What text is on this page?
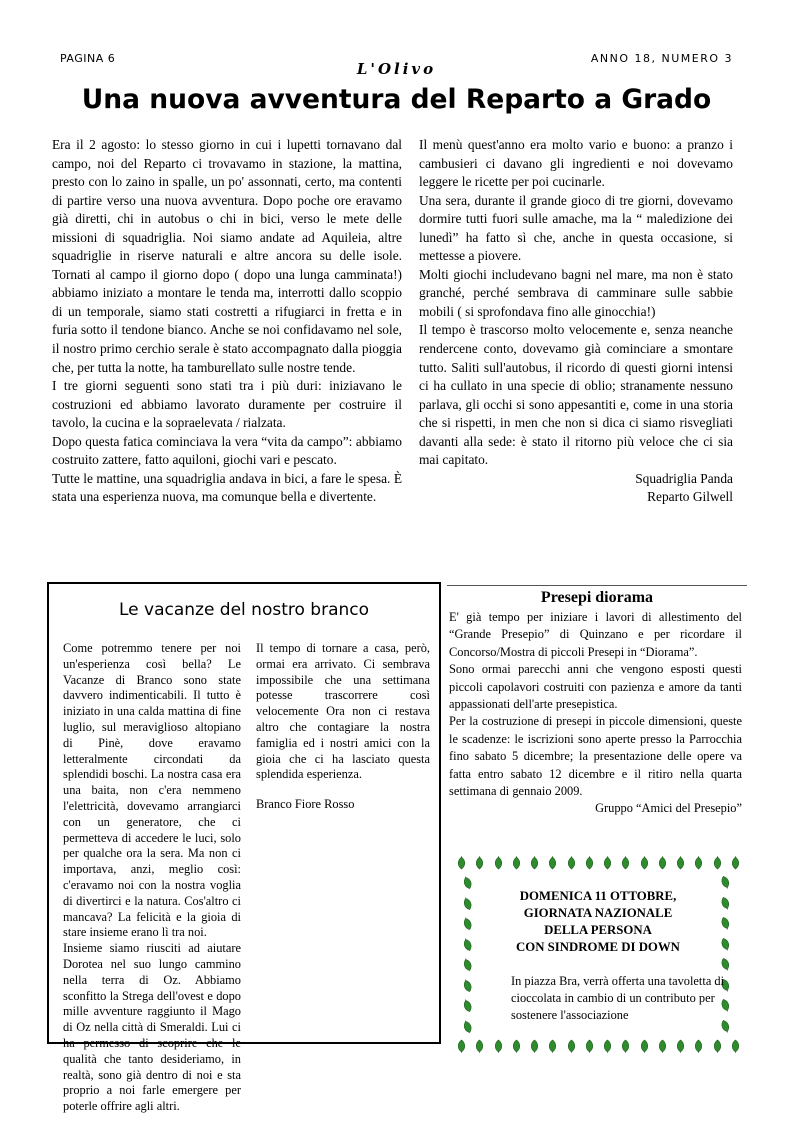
PAGINA 6
L'Olivo
ANNO 18, NUMERO 3
Una nuova avventura del Reparto a Grado

Era il 2 agosto: lo stesso giorno in cui i lupetti tornavano dal campo, noi del Reparto ci trovavamo in stazione, la mattina, presto con lo zaino in spalle, un po' assonnati, certo, ma contenti di partire verso una nuova avventura. Dopo poche ore eravamo già diretti, chi in autobus o chi in bici, verso le mete delle missioni di squadriglia. Noi siamo andate ad Aquileia, altre squadriglie in riserve naturali e altre ancora su delle isole. Tornati al campo il giorno dopo ( dopo una lunga camminata!) abbiamo iniziato a montare le tenda ma, interrotti dallo scoppio di un temporale, siamo stati costretti a rifugiarci in fretta e in furia sotto il tendone bianco. Anche se noi confidavamo nel sole, il nostro primo cerchio serale è stato accompagnato dalla pioggia che, per tutta la notte, ha tamburellato sulle nostre tende.

I tre giorni seguenti sono stati tra i più duri: iniziavano le costruzioni ed abbiamo lavorato duramente per costruire il tavolo, la cucina e la sopraelevata / rialzata.

Dopo questa fatica cominciava la vera “vita da campo”: abbiamo costruito zattere, fatto aquiloni, giochi vari e pescato.

Tutte le mattine, una squadriglia andava in bici, a fare le spesa. È stata una esperienza nuova, ma comunque bella e divertente.

Il menù quest'anno era molto vario e buono: a pranzo i cambusieri ci davano gli ingredienti e noi dovevamo leggere le ricette per poi cucinarle.

Una sera, durante il grande gioco di tre giorni, dovevamo dormire tutti fuori sulle amache, ma la “ maledizione dei lunedì” ha fatto sì che, anche in questa occasione, si mettesse a piovere.

Molti giochi includevano bagni nel mare, ma non è stato granché, perché sembrava di camminare sulle sabbie mobili ( si sprofondava fino alle ginocchia!)

Il tempo è trascorso molto velocemente e, senza neanche rendercene conto, dovevamo già cominciare a smontare tutto. Saliti sull'autobus, il ricordo di questi giorni intensi ci ha cullato in una specie di oblio; stranamente nessuno parlava, gli occhi si sono appesantiti e, come in una storia che si rispetti, in men che non si dica ci siamo risvegliati davanti alla sede: è stato il ritorno più veloce che ci sia mai capitato.

Squadriglia Panda

Reparto Gilwell

Le vacanze del nostro branco

Come potremmo tenere per noi un'esperienza così bella? Le Vacanze di Branco sono state davvero indimenticabili. Il tutto è iniziato in una calda mattina di fine luglio, sul meraviglioso altopiano di Pinè, dove eravamo letteralmente circondati da splendidi boschi. La nostra casa era una baita, non c'era nemmeno l'elettricità, dovevamo arrangiarci con un generatore, che ci permetteva di accedere le luci, solo per qualche ora la sera. Ma non ci importava, anzi, meglio così: c'eravamo noi con la nostra voglia di divertirci e la natura. Cos'altro ci mancava? La felicità e la gioia di stare insieme erano lì tra noi.

Insieme siamo riusciti ad aiutare Dorotea nel suo lungo cammino nella terra di Oz. Abbiamo sconfitto la Strega dell'ovest e dopo mille avventure raggiunto il Mago di Oz nella città di Smeraldi. Lui ci ha permesso di scoprire che le qualità che tanto desideriamo, in realtà, sono già dentro di noi e sta proprio a noi farle emergere per poterle offrire agli altri.

Il tempo di tornare a casa, però, ormai era arrivato. Ci sembrava impossibile che una settimana potesse trascorrere così velocemente Ora non ci restava altro che contagiare la nostra famiglia ed i nostri amici con la gioia che ci ha lasciato questa splendida esperienza.

Branco Fiore Rosso

Presepi diorama

E' già tempo per iniziare i lavori di allestimento del “Grande Presepio” di Quinzano e per ricordare il Concorso/Mostra di piccoli Presepi in “Diorama”.

Sono ormai parecchi anni che vengono esposti questi piccoli capolavori costruiti con pazienza e amore da tanti appassionati dell'arte presepistica.

Per la costruzione di presepi in piccole dimensioni, queste le scadenze: le iscrizioni sono aperte presso la Parrocchia fino sabato 5 dicembre; la presentazione delle opere va fatta entro sabato 12 dicembre e il ritiro nella quarta settimana di gennaio 2009.

Gruppo “Amici del Presepio”

DOMENICA 11 OTTOBRE,
GIORNATA NAZIONALE
DELLA PERSONA
CON SINDROME DI DOWN

In piazza Bra, verrà offerta una tavoletta di cioccolata in cambio di un contributo per sostenere l'associazione
